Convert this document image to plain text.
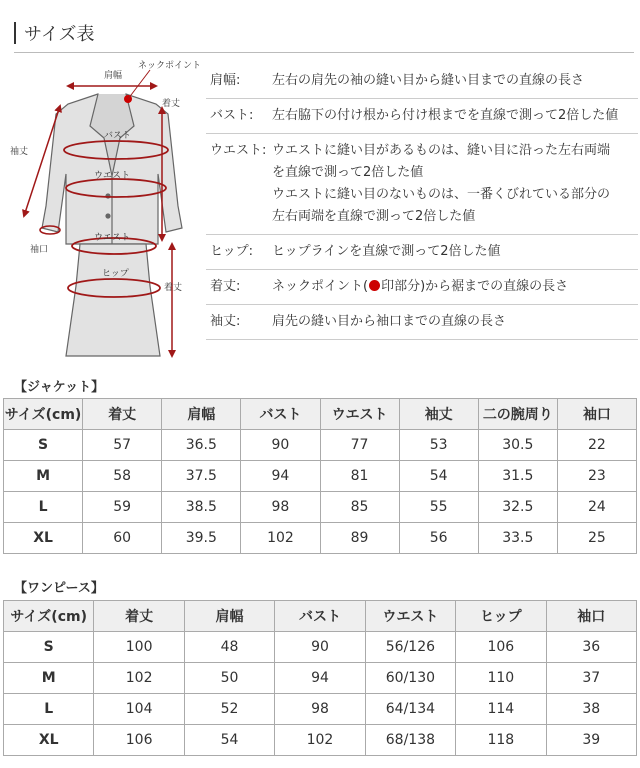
サイズ表
肩幅
ネックポイント
着丈
袖丈
バスト
ウエスト
袖口
ウエスト
ヒップ
着丈
肩幅:	左右の肩先の袖の縫い目から縫い目までの直線の長さ
バスト:	左右脇下の付け根から付け根までを直線で測って2倍した値
ウエスト: ウエストに縫い目があるものは、縫い目に沿った左右両端
を直線で測って2倍した値
ウエストに縫い目のないものは、一番くびれている部分の
左右両端を直線で測って2倍した値
ヒップ:	ヒップラインを直線で測って2倍した値
着丈:	ネックポイント( 印部分)から裾までの直線の長さ
袖丈:	肩先の縫い目から袖口までの直線の長さ
【ジャケット】
サイズ(cm)	着丈	肩幅	バスト	ウエスト	袖丈	二の腕周り	袖口
S	57	36.5	90	77	53	30.5	22
M	58	37.5	94	81	54	31.5	23
L	59	38.5	98	85	55	32.5	24
XL	60	39.5	102	89	56	33.5	25
【ワンピース】
サイズ(cm)	着丈	肩幅	バスト	ウエスト	ヒップ	袖口
S	100	48	90	56/126	106	36
M	102	50	94	60/130	110	37
L	104	52	98	64/134	114	38
XL	106	54	102	68/138	118	39
